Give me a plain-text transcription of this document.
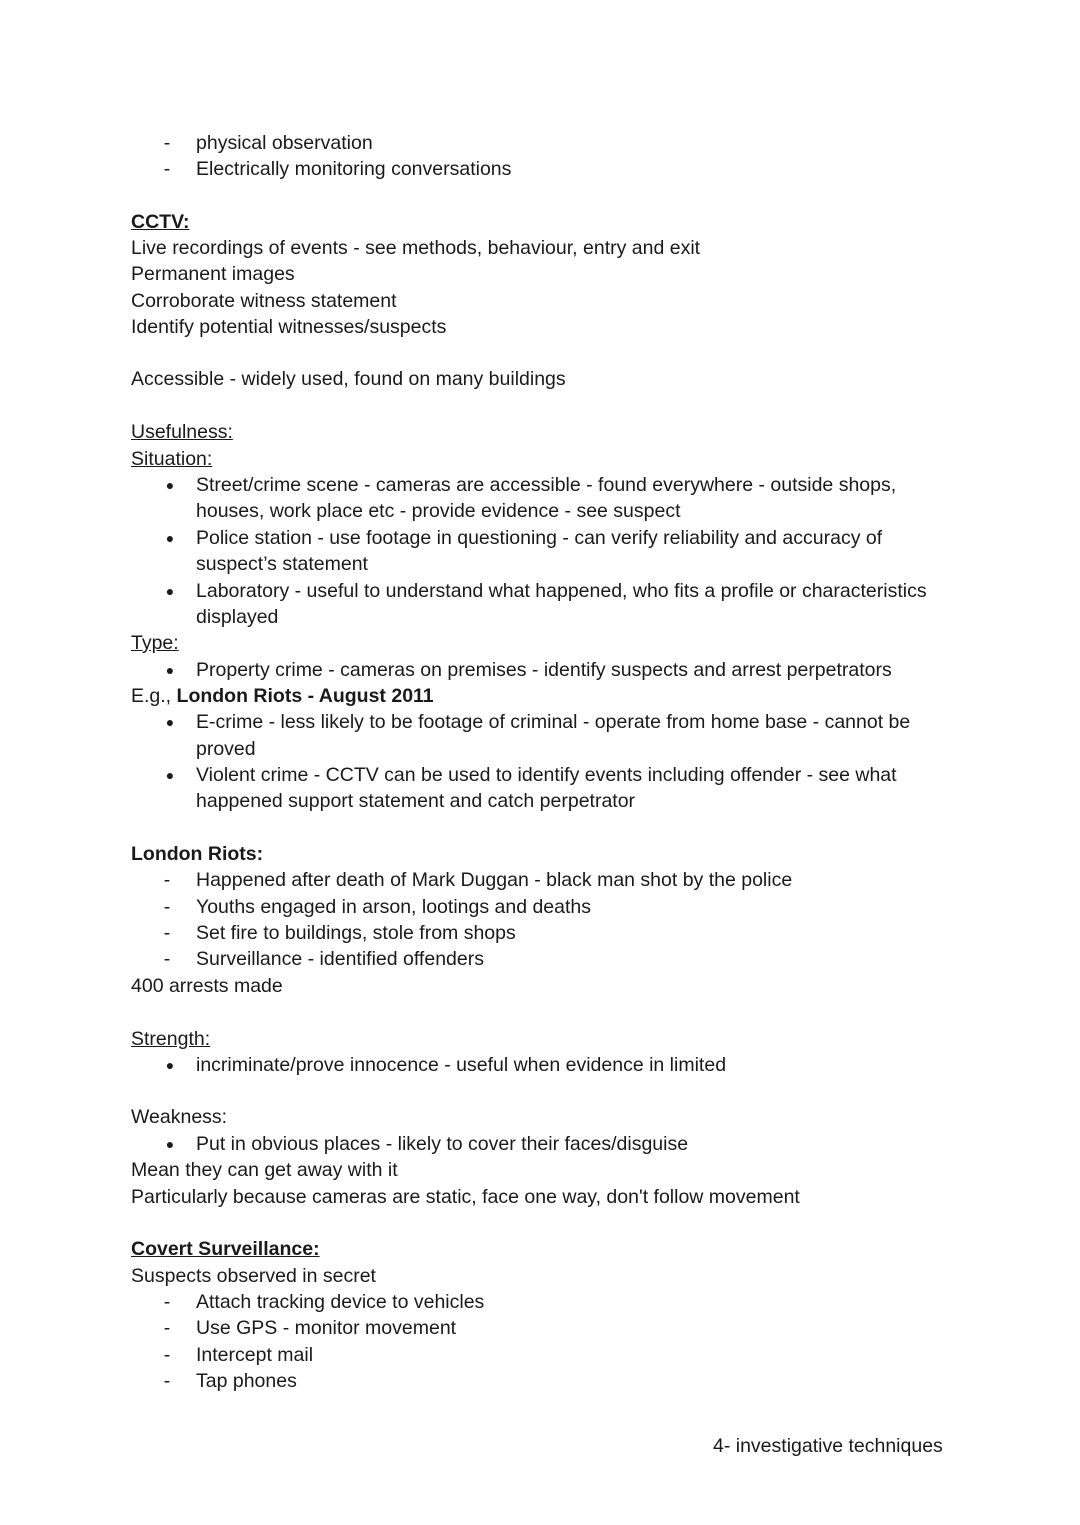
- physical observation
- Electrically monitoring conversations
CCTV:
Live recordings of events - see methods, behaviour, entry and exit
Permanent images
Corroborate witness statement
Identify potential witnesses/suspects
Accessible - widely used, found on many buildings
Usefulness:
Situation:
● Street/crime scene - cameras are accessible - found everywhere - outside shops,
houses, work place etc - provide evidence - see suspect
● Police station - use footage in questioning - can verify reliability and accuracy of
suspect’s statement
● Laboratory - useful to understand what happened, who fits a profile or characteristics
displayed
Type:
● Property crime - cameras on premises - identify suspects and arrest perpetrators
E.g., London Riots - August 2011
● E-crime - less likely to be footage of criminal - operate from home base - cannot be
proved
● Violent crime - CCTV can be used to identify events including offender - see what
happened support statement and catch perpetrator
London Riots:
- Happened after death of Mark Duggan - black man shot by the police
- Youths engaged in arson, lootings and deaths
- Set fire to buildings, stole from shops
- Surveillance - identified offenders
400 arrests made
Strength:
● incriminate/prove innocence - useful when evidence in limited
Weakness:
● Put in obvious places - likely to cover their faces/disguise
Mean they can get away with it
Particularly because cameras are static, face one way, don't follow movement
Covert Surveillance:
Suspects observed in secret
- Attach tracking device to vehicles
- Use GPS - monitor movement
- Intercept mail
- Tap phones
4- investigative techniques
